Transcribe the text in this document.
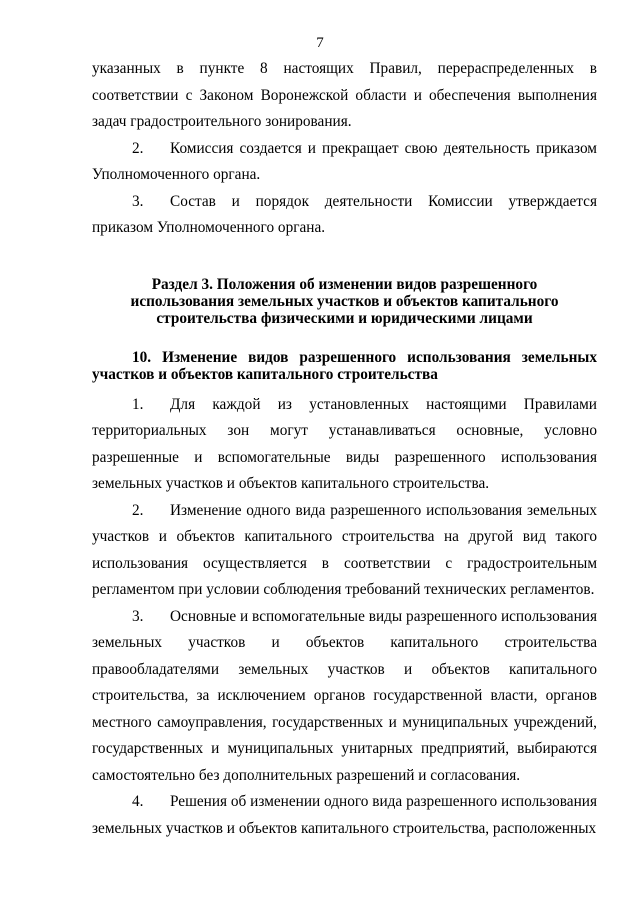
7

указанных в пункте 8 настоящих Правил, перераспределенных в соответствии с Законом Воронежской области и обеспечения выполнения задач градостроительного зонирования.

2. Комиссия создается и прекращает свою деятельность приказом Уполномоченного органа.

3. Состав и порядок деятельности Комиссии утверждается приказом Уполномоченного органа.

Раздел 3. Положения об изменении видов разрешенного
использования земельных участков и объектов капитального
строительства физическими и юридическими лицами
10. Изменение видов разрешенного использования земельных участков и объектов капитального строительства

1. Для каждой из установленных настоящими Правилами территориальных зон могут устанавливаться основные, условно разрешенные и вспомогательные виды разрешенного использования земельных участков и объектов капитального строительства.

2. Изменение одного вида разрешенного использования земельных участков и объектов капитального строительства на другой вид такого использования осуществляется в соответствии с градостроительным регламентом при условии соблюдения требований технических регламентов.

3. Основные и вспомогательные виды разрешенного использования земельных участков и объектов капитального строительства правообладателями земельных участков и объектов капитального строительства, за исключением органов государственной власти, органов местного самоуправления, государственных и муниципальных учреждений, государственных и муниципальных унитарных предприятий, выбираются самостоятельно без дополнительных разрешений и согласования.

4. Решения об изменении одного вида разрешенного использования земельных участков и объектов капитального строительства, расположенных
